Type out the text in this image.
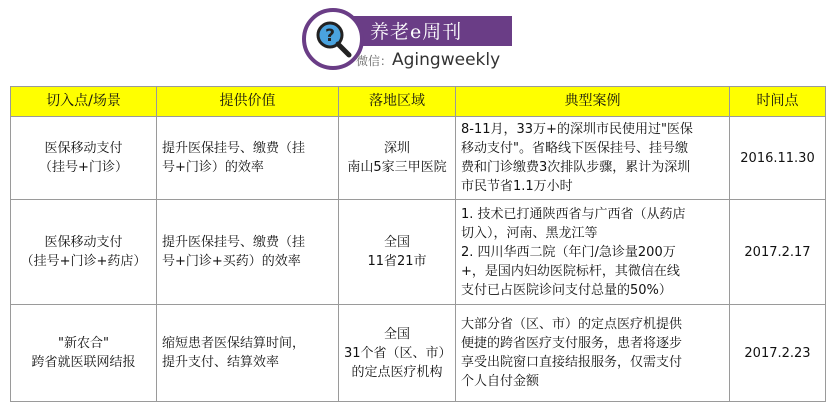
? 养老e周刊
微信：Agingweekly
切入点/场景	提供价值	落地区域	典型案例	时间点

医保移动支付
（挂号+门诊）	提升医保挂号、缴费（挂
号+门诊）的效率	深圳
南山5家三甲医院	8-11月，33万+的深圳市民使用过"医保
移动支付"。省略线下医保挂号、挂号缴
费和门诊缴费3次排队步骤，累计为深圳
市民节省1.1万小时	2016.11.30

医保移动支付
（挂号+门诊+药店）	提升医保挂号、缴费（挂
号+门诊+买药）的效率	全国
11省21市	1. 技术已打通陕西省与广西省（从药店
切入），河南、黑龙江等
2. 四川华西二院（年门/急诊量200万
+，是国内妇幼医院标杆，其微信在线
支付已占医院诊问支付总量的50%）	2017.2.17

"新农合"
跨省就医联网结报	缩短患者医保结算时间，
提升支付、结算效率	全国
31个省（区、市）
的定点医疗机构	大部分省（区、市）的定点医疗机提供
便捷的跨省医疗支付服务，患者将逐步
享受出院窗口直接结报服务，仅需支付
个人自付金额	2017.2.23
